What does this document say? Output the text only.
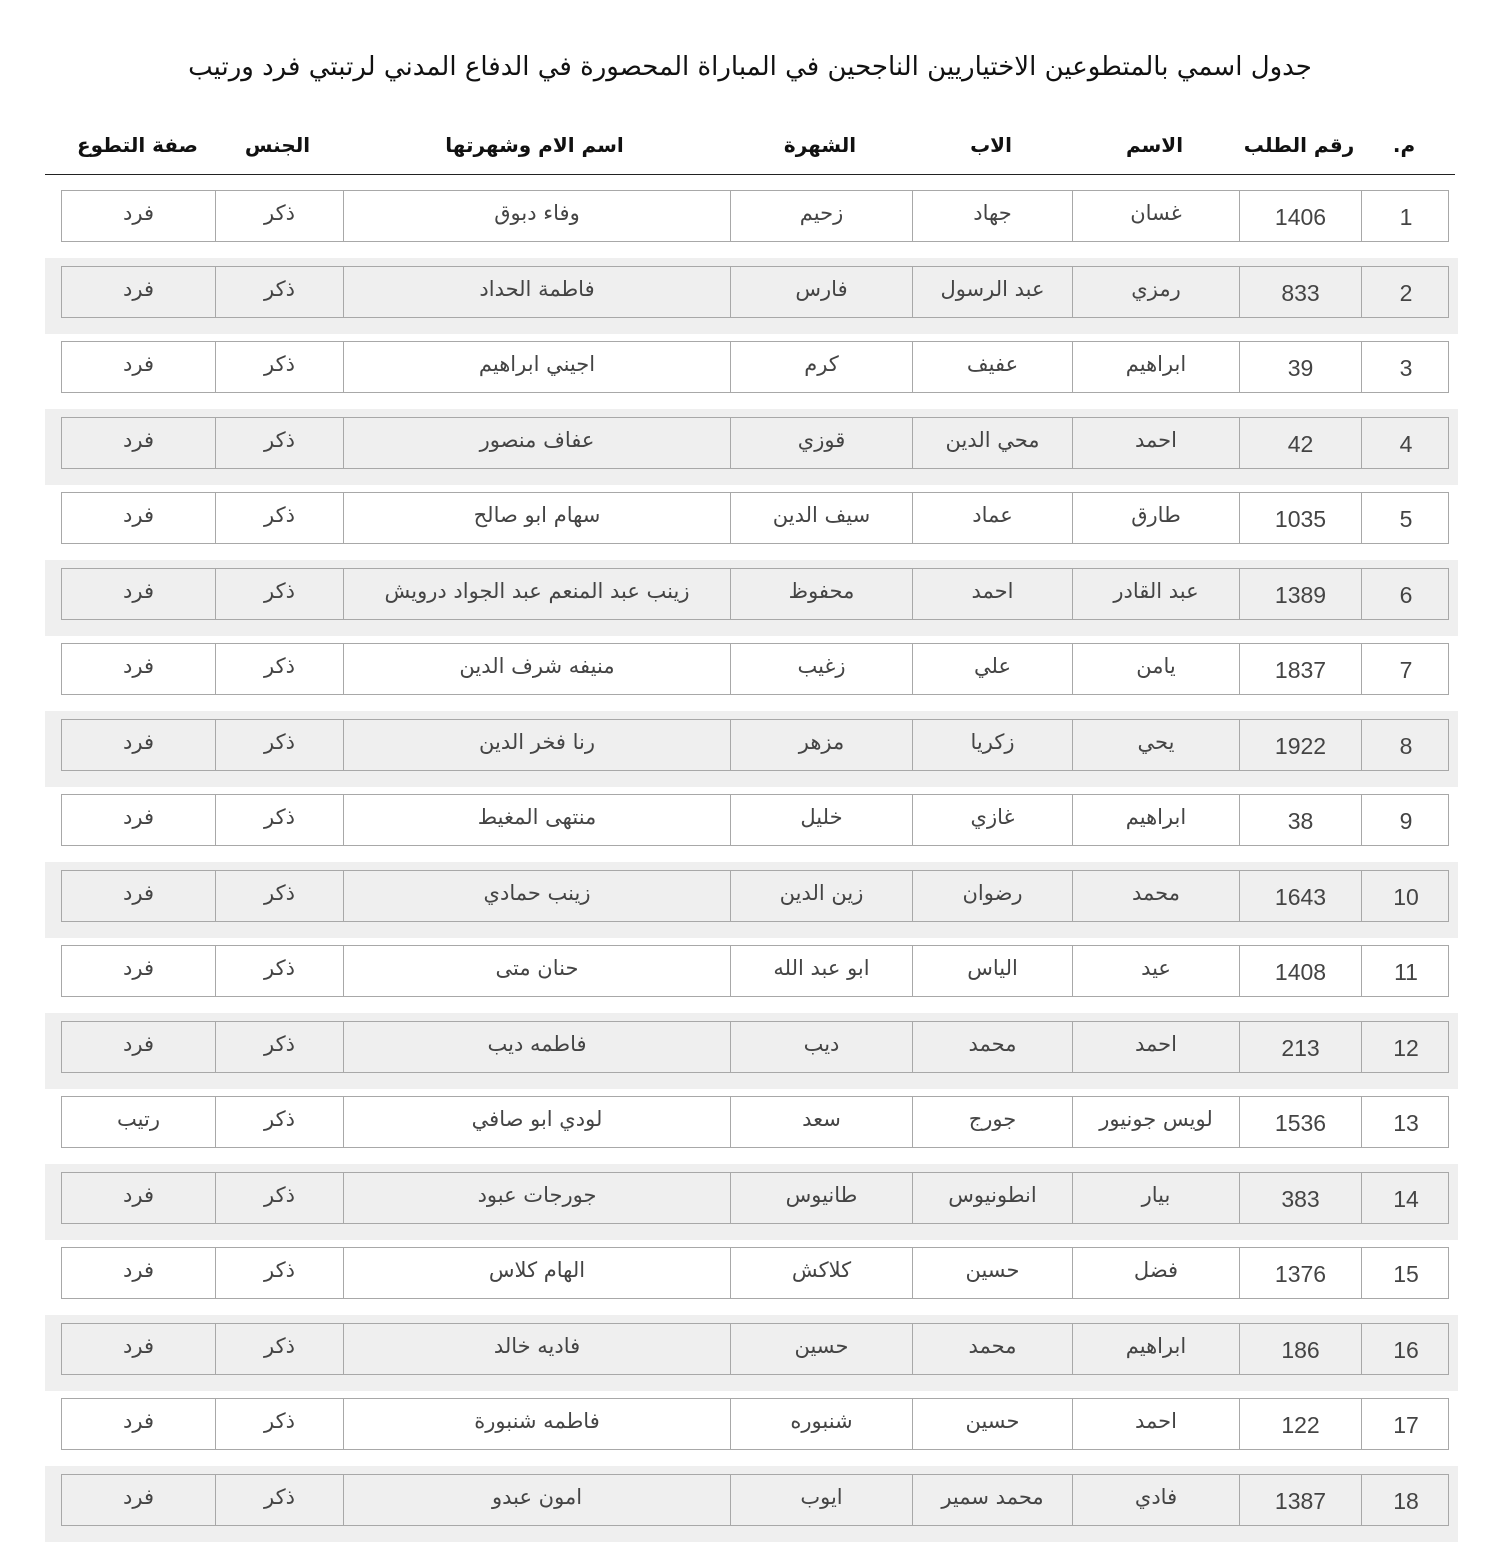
جدول اسمي بالمتطوعين الاختياريين الناجحين في المباراة المحصورة في الدفاع المدني لرتبتي فرد ورتيب
صفة التطوع	الجنس	اسم الام وشهرتها	الشهرة	الاب	الاسم	رقم الطلب	م.
فرد	ذكر	وفاء دبوق	زحيم	جهاد	غسان	1406	1
فرد	ذكر	فاطمة الحداد	فارس	عبد الرسول	رمزي	833	2
فرد	ذكر	اجيني ابراهيم	كرم	عفيف	ابراهيم	39	3
فرد	ذكر	عفاف منصور	قوزي	محي الدين	احمد	42	4
فرد	ذكر	سهام ابو صالح	سيف الدين	عماد	طارق	1035	5
فرد	ذكر	زينب عبد المنعم عبد الجواد درويش	محفوظ	احمد	عبد القادر	1389	6
فرد	ذكر	منيفه شرف الدين	زغيب	علي	يامن	1837	7
فرد	ذكر	رنا فخر الدين	مزهر	زكريا	يحي	1922	8
فرد	ذكر	منتهى المغيط	خليل	غازي	ابراهيم	38	9
فرد	ذكر	زينب حمادي	زين الدين	رضوان	محمد	1643	10
فرد	ذكر	حنان متى	ابو عبد الله	الياس	عيد	1408	11
فرد	ذكر	فاطمه ديب	ديب	محمد	احمد	213	12
رتيب	ذكر	لودي ابو صافي	سعد	جورج	لويس جونيور	1536	13
فرد	ذكر	جورجات عبود	طانيوس	انطونيوس	بيار	383	14
فرد	ذكر	الهام كلاس	كلاكش	حسين	فضل	1376	15
فرد	ذكر	فاديه خالد	حسين	محمد	ابراهيم	186	16
فرد	ذكر	فاطمه شنبورة	شنبوره	حسين	احمد	122	17
فرد	ذكر	امون عبدو	ايوب	محمد سمير	فادي	1387	18
